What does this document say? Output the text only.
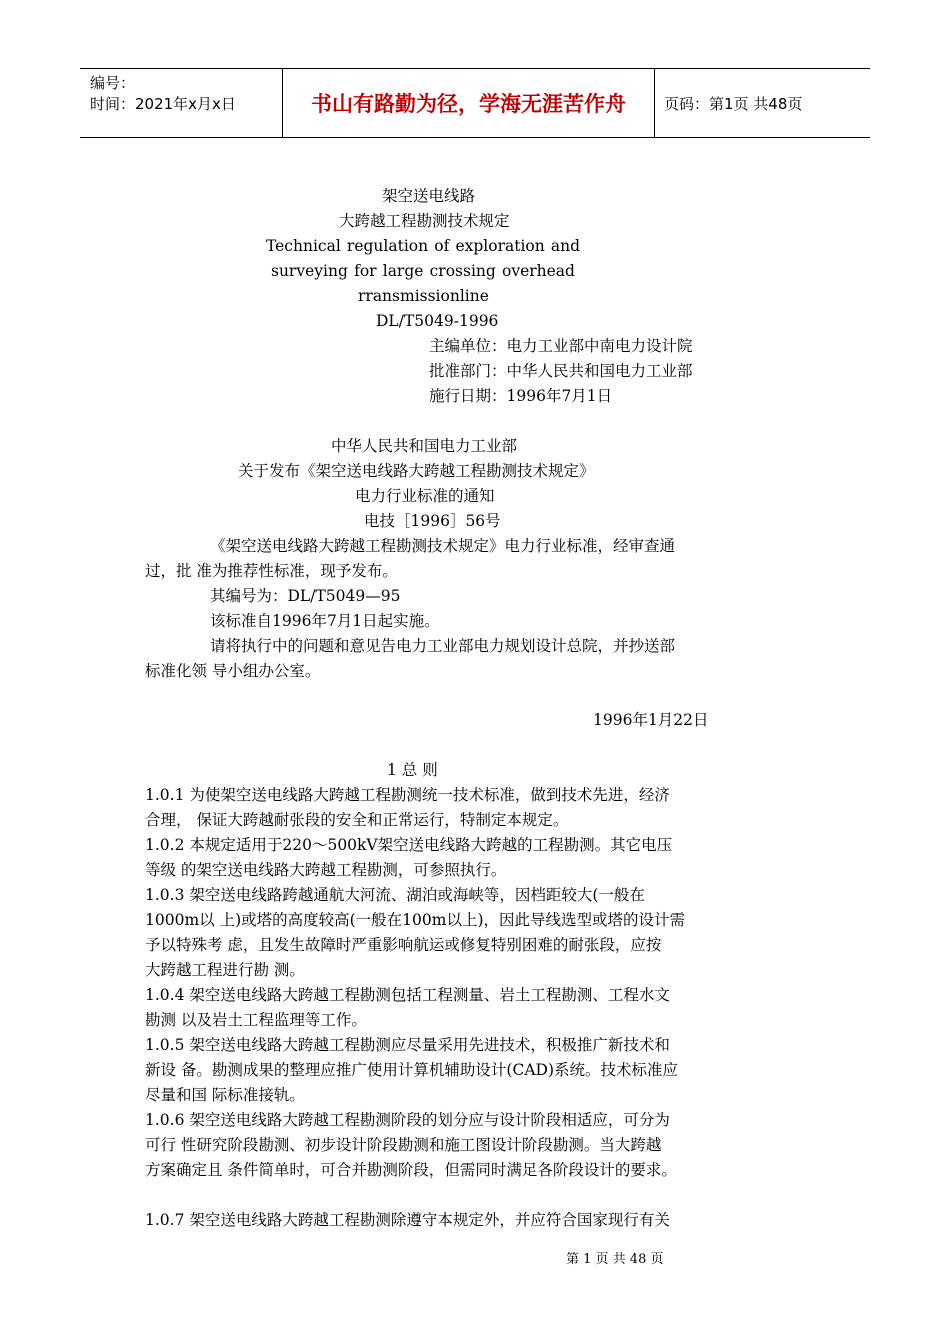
编号：
时间：2021年x月x日	书山有路勤为径，学海无涯苦作舟	页码：第1页 共48页
架空送电线路
大跨越工程勘测技术规定
Technical regulation of exploration and
surveying for large crossing overhead
rransmission line
DL/T5049-1996
主编单位：电力工业部中南电力设计院
批准部门：中华人民共和国电力工业部
施行日期：1996年7月1日
中华人民共和国电力工业部
关于发布《架空送电线路大跨越工程勘测技术规定》
电力行业标准的通知
电技［1996］56号
《架空送电线路大跨越工程勘测技术规定》电力行业标准，经审查通
过，批 准为推荐性标准，现予发布。
其编号为：DL/T5049—95
该标准自1996年7月1日起实施。
请将执行中的问题和意见告电力工业部电力规划设计总院，并抄送部
标准化领 导小组办公室。
1996年1月22日
1 总 则
1.0.1 为使架空送电线路大跨越工程勘测统一技术标准，做到技术先进，经济
合理， 保证大跨越耐张段的安全和正常运行，特制定本规定。
1.0.2 本规定适用于220～500kV架空送电线路大跨越的工程勘测。其它电压
等级 的架空送电线路大跨越工程勘测，可参照执行。
1.0.3 架空送电线路跨越通航大河流、湖泊或海峡等，因档距较大(一般在
1000m以 上)或塔的高度较高(一般在100m以上)，因此导线选型或塔的设计需
予以特殊考 虑，且发生故障时严重影响航运或修复特别困难的耐张段，应按
大跨越工程进行勘 测。
1.0.4 架空送电线路大跨越工程勘测包括工程测量、岩土工程勘测、工程水文
勘测 以及岩土工程监理等工作。
1.0.5 架空送电线路大跨越工程勘测应尽量采用先进技术，积极推广新技术和
新设 备。勘测成果的整理应推广使用计算机辅助设计(CAD)系统。技术标准应
尽量和国 际标准接轨。
1.0.6 架空送电线路大跨越工程勘测阶段的划分应与设计阶段相适应，可分为
可行 性研究阶段勘测、初步设计阶段勘测和施工图设计阶段勘测。当大跨越
方案确定且 条件简单时，可合并勘测阶段，但需同时满足各阶段设计的要求。
1.0.7 架空送电线路大跨越工程勘测除遵守本规定外，并应符合国家现行有关
第 1 页 共 48 页
